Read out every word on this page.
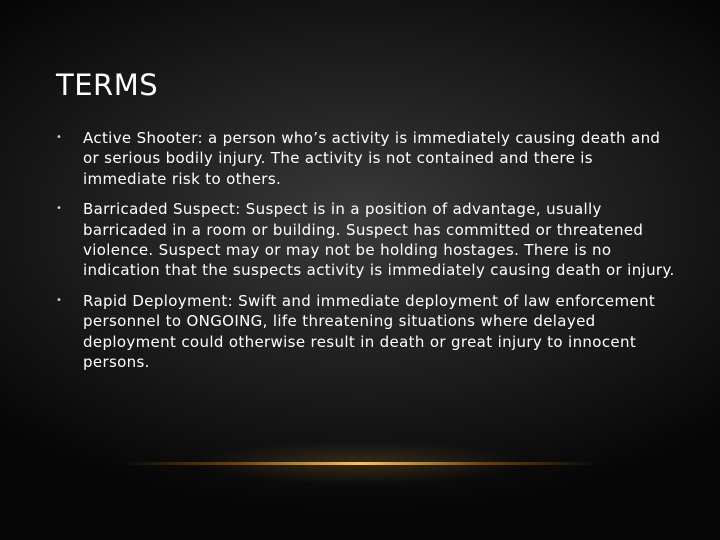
TERMS
• Active Shooter: a person who’s activity is immediately causing death and or serious bodily injury. The activity is not contained and there is immediate risk to others.
• Barricaded Suspect: Suspect is in a position of advantage, usually barricaded in a room or building. Suspect has committed or threatened violence. Suspect may or may not be holding hostages. There is no indication that the suspects activity is immediately causing death or injury.
• Rapid Deployment: Swift and immediate deployment of law enforcement personnel to ONGOING, life threatening situations where delayed deployment could otherwise result in death or great injury to innocent persons.
